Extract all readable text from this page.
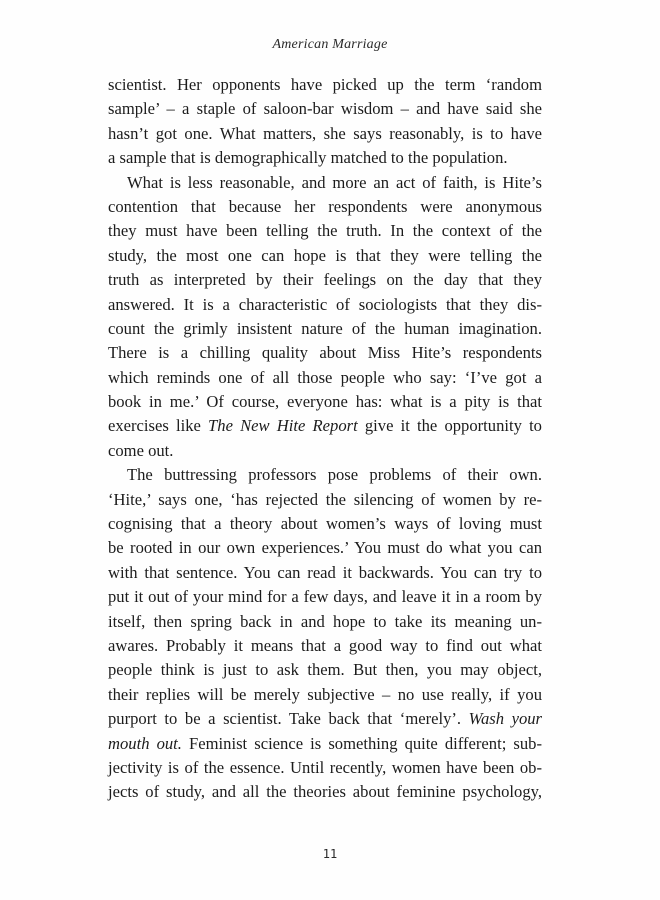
American Marriage
scientist. Her opponents have picked up the term ‘random
sample’ – a staple of saloon-bar wisdom – and have said she
hasn’t got one. What matters, she says reasonably, is to have
a sample that is demographically matched to the population.
What is less reasonable, and more an act of faith, is Hite’s
contention that because her respondents were anonymous
they must have been telling the truth. In the context of the
study, the most one can hope is that they were telling the
truth as interpreted by their feelings on the day that they
answered. It is a characteristic of sociologists that they dis-
count the grimly insistent nature of the human imagination.
There is a chilling quality about Miss Hite’s respondents
which reminds one of all those people who say: ‘I’ve got a
book in me.’ Of course, everyone has: what is a pity is that
exercises like The New Hite Report give it the opportunity to
come out.
The buttressing professors pose problems of their own.
‘Hite,’ says one, ‘has rejected the silencing of women by re-
cognising that a theory about women’s ways of loving must
be rooted in our own experiences.’ You must do what you can
with that sentence. You can read it backwards. You can try to
put it out of your mind for a few days, and leave it in a room by
itself, then spring back in and hope to take its meaning un-
awares. Probably it means that a good way to find out what
people think is just to ask them. But then, you may object,
their replies will be merely subjective – no use really, if you
purport to be a scientist. Take back that ‘merely’. Wash your
mouth out. Feminist science is something quite different; sub-
jectivity is of the essence. Until recently, women have been ob-
jects of study, and all the theories about feminine psychology,
11
